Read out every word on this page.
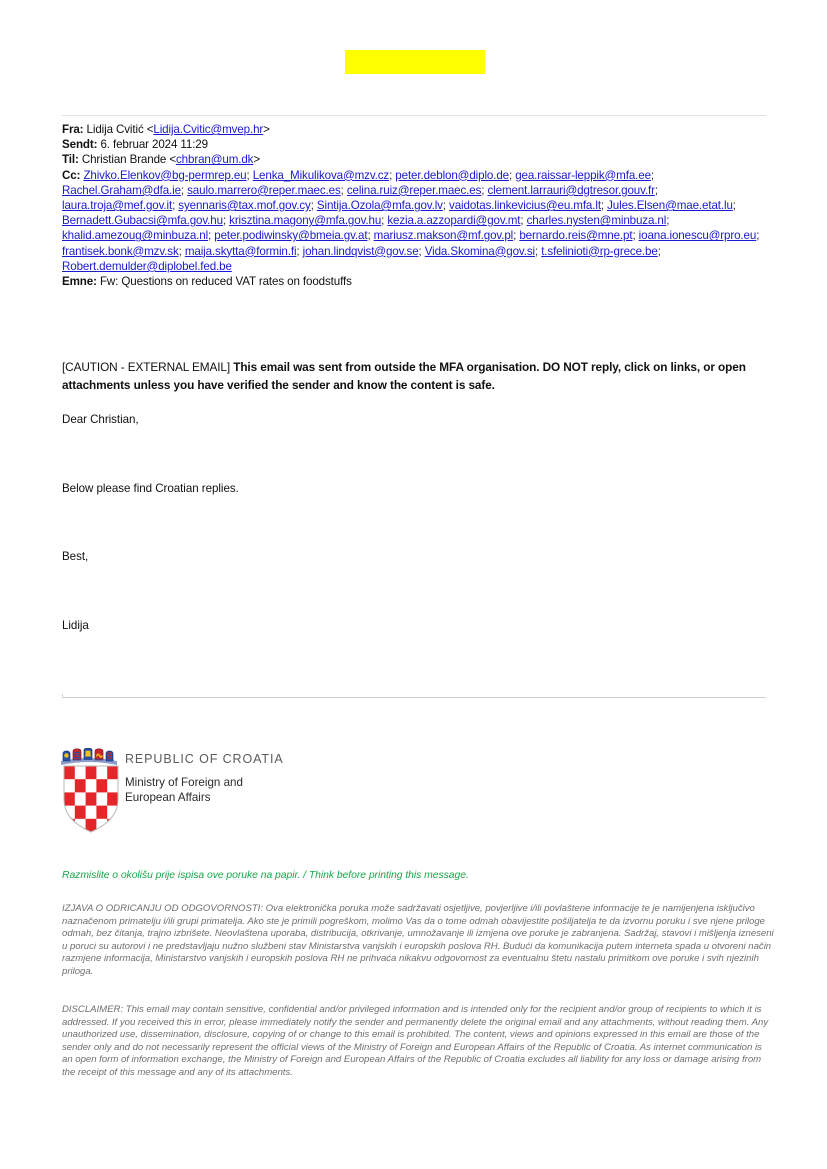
Fra: Lidija Cvitić <Lidija.Cvitic@mvep.hr>
Sendt: 6. februar 2024 11:29
Til: Christian Brande <chbran@um.dk>
Cc: Zhivko.Elenkov@bg-permrep.eu; Lenka_Mikulikova@mzv.cz; peter.deblon@diplo.de; gea.raissar-leppik@mfa.ee; Rachel.Graham@dfa.ie; saulo.marrero@reper.maec.es; celina.ruiz@reper.maec.es; clement.larrauri@dgtresor.gouv.fr; laura.troja@mef.gov.it; syennaris@tax.mof.gov.cy; Sintija.Ozola@mfa.gov.lv; vaidotas.linkevicius@eu.mfa.lt; Jules.Elsen@mae.etat.lu; Bernadett.Gubacsi@mfa.gov.hu; krisztina.magony@mfa.gov.hu; kezia.a.azzopardi@gov.mt; charles.nysten@minbuza.nl; khalid.amezoug@minbuza.nl; peter.podiwinsky@bmeia.gv.at; mariusz.makson@mf.gov.pl; bernardo.reis@mne.pt; ioana.ionescu@rpro.eu; frantisek.bonk@mzv.sk; maija.skytta@formin.fi; johan.lindqvist@gov.se; Vida.Skomina@gov.si; t.sfelinioti@rp-grece.be; Robert.demulder@diplobel.fed.be
Emne: Fw: Questions on reduced VAT rates on foodstuffs
[CAUTION - EXTERNAL EMAIL] This email was sent from outside the MFA organisation. DO NOT reply, click on links, or open attachments unless you have verified the sender and know the content is safe.
Dear Christian,
Below please find Croatian replies.
Best,
Lidija
REPUBLIC OF CROATIA
Ministry of Foreign and
European Affairs
Razmislite o okolišu prije ispisa ove poruke na papir. / Think before printing this message.
IZJAVA O ODRICANJU OD ODGOVORNOSTI: Ova elektronička poruka može sadržavati osjetljive, povjerljive i/ili povlaštene informacije te je namijenjena isključivo naznačenom primatelju i/ili grupi primatelja. Ako ste je primili pogreškom, molimo Vas da o tome odmah obavijestite pošiljatelja te da izvornu poruku i sve njene priloge odmah, bez čitanja, trajno izbrišete. Neovlaštena uporaba, distribucija, otkrivanje, umnožavanje ili izmjena ove poruke je zabranjena. Sadržaj, stavovi i mišljenja izneseni u poruci su autorovi i ne predstavljaju nužno službeni stav Ministarstva vanjskih i europskih poslova RH. Budući da komunikacija putem interneta spada u otvoreni način razmjene informacija, Ministarstvo vanjskih i europskih poslova RH ne prihvaća nikakvu odgovornost za eventualnu štetu nastalu primitkom ove poruke i svih njezinih priloga.
DISCLAIMER: This email may contain sensitive, confidential and/or privileged information and is intended only for the recipient and/or group of recipients to which it is addressed. If you received this in error, please immediately notify the sender and permanently delete the original email and any attachments, without reading them. Any unauthorized use, dissemination, disclosure, copying of or change to this email is prohibited. The content, views and opinions expressed in this email are those of the sender only and do not necessarily represent the official views of the Ministry of Foreign and European Affairs of the Republic of Croatia. As internet communication is an open form of information exchange, the Ministry of Foreign and European Affairs of the Republic of Croatia excludes all liability for any loss or damage arising from the receipt of this message and any of its attachments.
